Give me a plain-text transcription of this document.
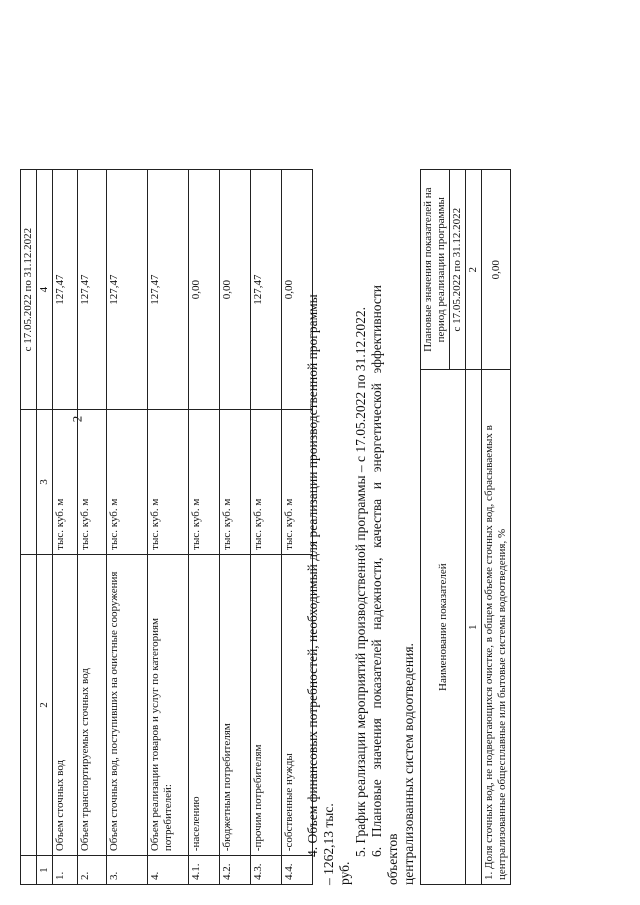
2
			с 17.05.2022 по 31.12.2022
1	2	3	4
1.	Объем сточных вод	тыс. куб. м	127,47
2.	Объем транспортируемых сточных вод	тыс. куб. м	127,47
3.	Объем сточных вод, поступивших на очистные сооружения	тыс. куб. м	127,47
4.	Объем реализации товаров и услуг по категориям потребителей:	тыс. куб. м	127,47
4.1.	-населению	тыс. куб. м	0,00
4.2.	-бюджетным потребителям	тыс. куб. м	0,00
4.3.	-прочим потребителям	тыс. куб. м	127,47
4.4.	-собственные нужды	тыс. куб. м	0,00

4. Объем финансовых потребностей, необходимый для реализации производственной программы – 1262,13 тыс. руб.

5. График реализации мероприятий производственной программы – с 17.05.2022 по 31.12.2022. 6. Плановые значения показателей надежности, качества и энергетической эффективности объектов централизованных систем водоотведения.

Наименование показателей	Плановые значения показателей на период реализации программы
	с 17.05.2022 по 31.12.2022
1	2
1. Доля сточных вод, не подвергающихся очистке, в общем объеме сточных вод, сбрасываемых в централизованные общесплавные или бытовые системы водоотведения, %	0,00
